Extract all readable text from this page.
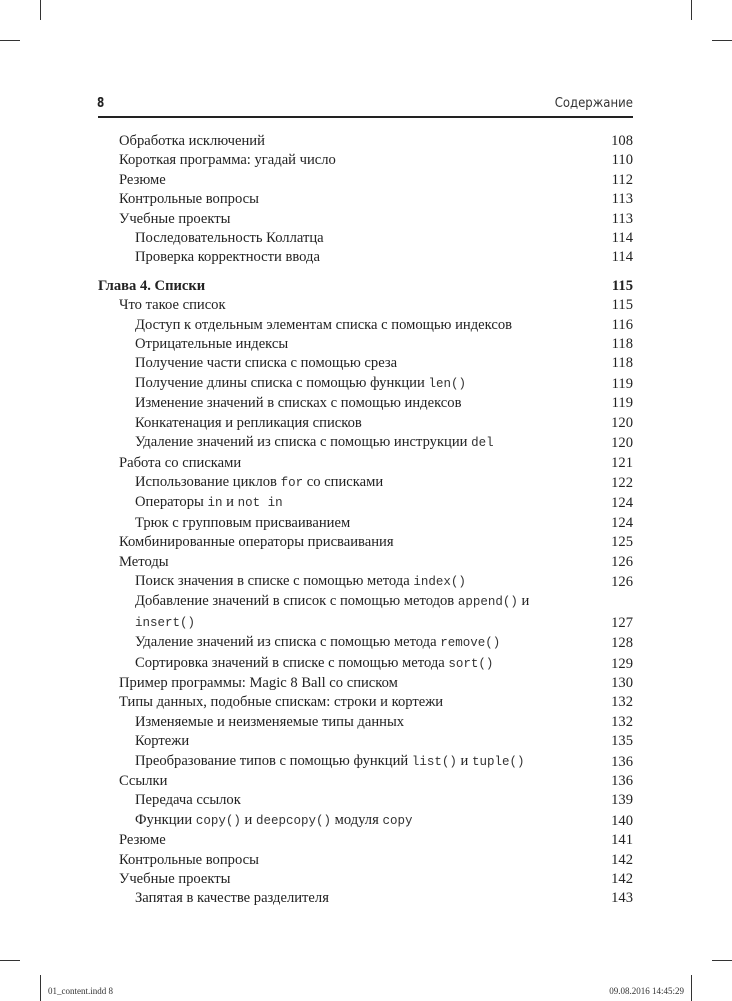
8	Содержание
Обработка исключений	108
Короткая программа: угадай число	110
Резюме	112
Контрольные вопросы	113
Учебные проекты	113
Последовательность Коллатца	114
Проверка корректности ввода	114
Глава 4. Списки	115
Что такое список	115
Доступ к отдельным элементам списка с помощью индексов	116
Отрицательные индексы	118
Получение части списка с помощью среза	118
Получение длины списка с помощью функции len()	119
Изменение значений в списках с помощью индексов	119
Конкатенация и репликация списков	120
Удаление значений из списка с помощью инструкции del	120
Работа со списками	121
Использование циклов for со списками	122
Операторы in и not in	124
Трюк с групповым присваиванием	124
Комбинированные операторы присваивания	125
Методы	126
Поиск значения в списке с помощью метода index()	126
Добавление значений в список с помощью методов append() и insert()	127
Удаление значений из списка с помощью метода remove()	128
Сортировка значений в списке с помощью метода sort()	129
Пример программы: Magic 8 Ball со списком	130
Типы данных, подобные спискам: строки и кортежи	132
Изменяемые и неизменяемые типы данных	132
Кортежи	135
Преобразование типов с помощью функций list() и tuple()	136
Ссылки	136
Передача ссылок	139
Функции copy() и deepcopy() модуля copy	140
Резюме	141
Контрольные вопросы	142
Учебные проекты	142
Запятая в качестве разделителя	143
01_content.indd 8	09.08.2016 14:45:29
